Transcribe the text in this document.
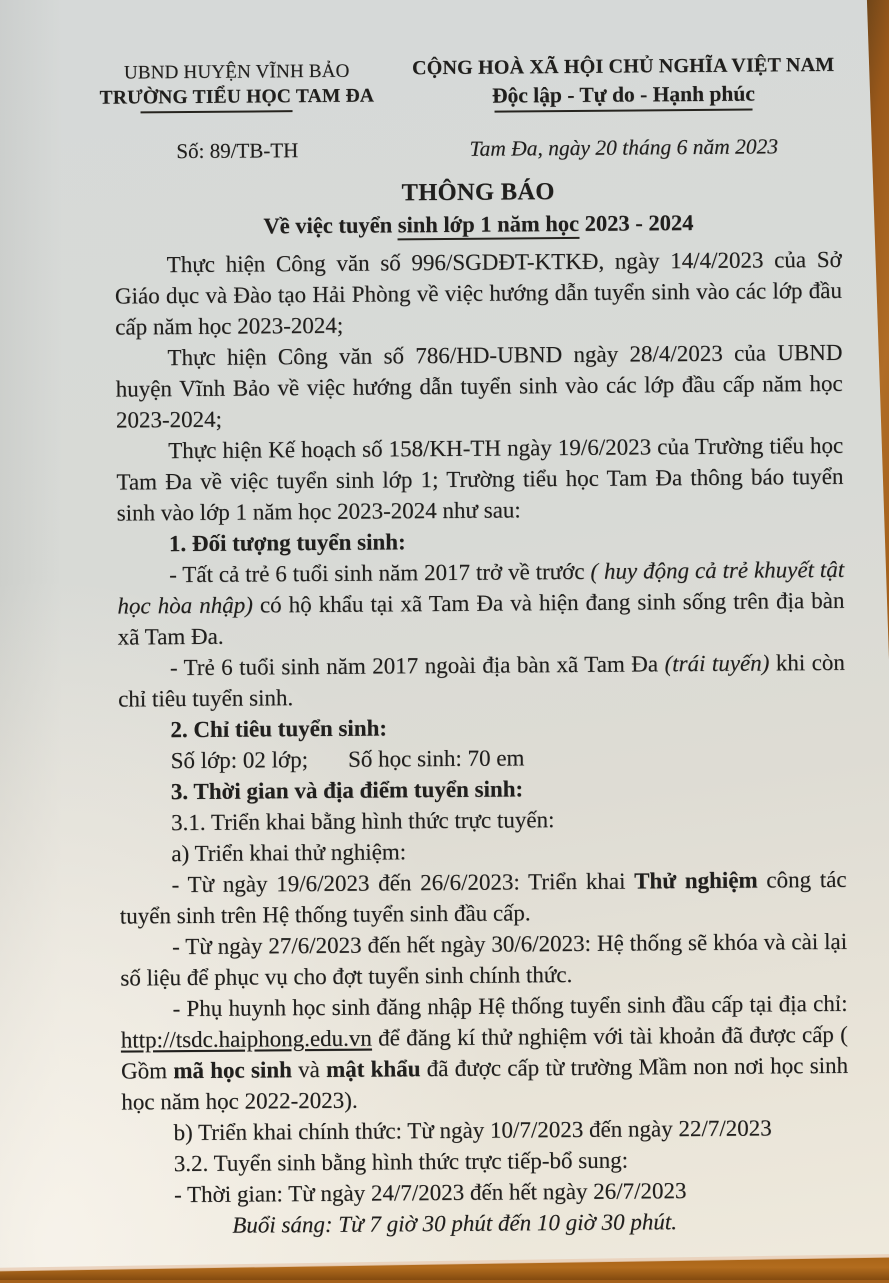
UBND HUYỆN VĨNH BẢO
TRƯỜNG TIỂU HỌC TAM ĐA
Số: 89/TB-TH
CỘNG HOÀ XÃ HỘI CHỦ NGHĨA VIỆT NAM
Độc lập - Tự do - Hạnh phúc
Tam Đa, ngày 20 tháng 6 năm 2023
THÔNG BÁO
Về việc tuyển sinh lớp 1 năm học 2023 - 2024

Thực hiện Công văn số 996/SGDĐT-KTKĐ, ngày 14/4/2023 của Sở Giáo dục và Đào tạo Hải Phòng về việc hướng dẫn tuyển sinh vào các lớp đầu cấp năm học 2023-2024;

Thực hiện Công văn số 786/HD-UBND ngày 28/4/2023 của UBND huyện Vĩnh Bảo về việc hướng dẫn tuyển sinh vào các lớp đầu cấp năm học 2023-2024;

Thực hiện Kế hoạch số 158/KH-TH ngày 19/6/2023 của Trường tiểu học Tam Đa về việc tuyển sinh lớp 1; Trường tiểu học Tam Đa thông báo tuyển sinh vào lớp 1 năm học 2023-2024 như sau:

1. Đối tượng tuyển sinh:

- Tất cả trẻ 6 tuổi sinh năm 2017 trở về trước ( huy động cả trẻ khuyết tật học hòa nhập) có hộ khẩu tại xã Tam Đa và hiện đang sinh sống trên địa bàn xã Tam Đa.

- Trẻ 6 tuổi sinh năm 2017 ngoài địa bàn xã Tam Đa (trái tuyến) khi còn chỉ tiêu tuyển sinh.

2. Chỉ tiêu tuyển sinh:

Số lớp: 02 lớp; Số học sinh: 70 em

3. Thời gian và địa điểm tuyển sinh:

3.1. Triển khai bằng hình thức trực tuyến:

a) Triển khai thử nghiệm:

- Từ ngày 19/6/2023 đến 26/6/2023: Triển khai Thử nghiệm công tác tuyển sinh trên Hệ thống tuyển sinh đầu cấp.

- Từ ngày 27/6/2023 đến hết ngày 30/6/2023: Hệ thống sẽ khóa và cài lại số liệu để phục vụ cho đợt tuyển sinh chính thức.

- Phụ huynh học sinh đăng nhập Hệ thống tuyển sinh đầu cấp tại địa chỉ: http://tsdc.haiphong.edu.vn để đăng kí thử nghiệm với tài khoản đã được cấp ( Gồm mã học sinh và mật khẩu đã được cấp từ trường Mầm non nơi học sinh học năm học 2022-2023).

b) Triển khai chính thức: Từ ngày 10/7/2023 đến ngày 22/7/2023

3.2. Tuyển sinh bằng hình thức trực tiếp-bổ sung:

- Thời gian: Từ ngày 24/7/2023 đến hết ngày 26/7/2023

Buổi sáng: Từ 7 giờ 30 phút đến 10 giờ 30 phút.
